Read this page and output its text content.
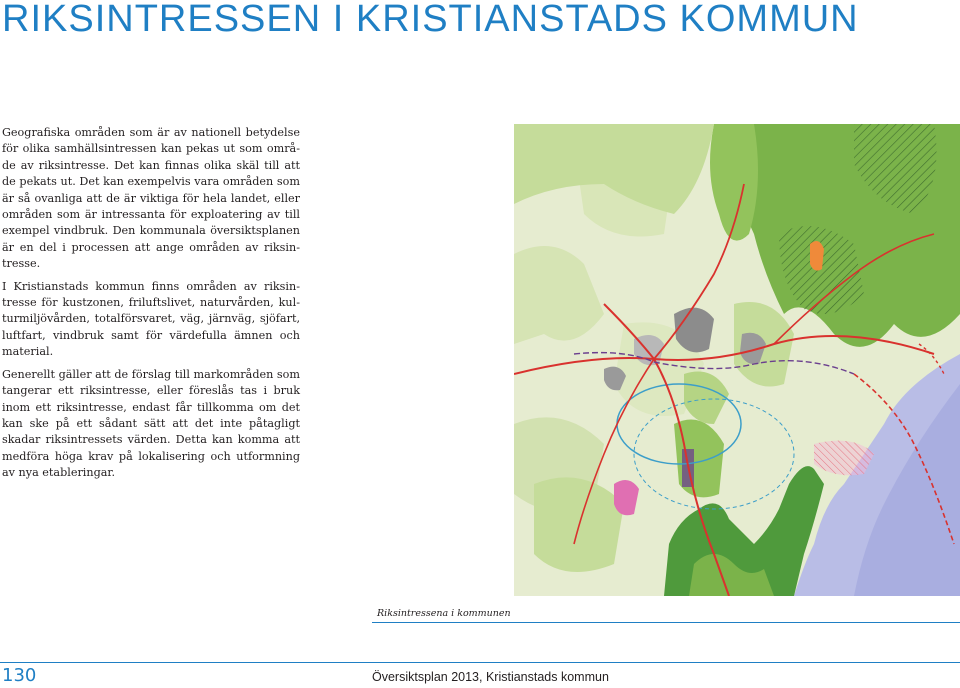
RIKSINTRESSEN I KRISTIANSTADS KOMMUN

Geografiska områden som är av nationell betydelse för olika samhällsintressen kan pekas ut som områ-de av riksintresse. Det kan finnas olika skäl till att de pekats ut. Det kan exempelvis vara områden som är så ovanliga att de är viktiga för hela landet, eller områden som är intressanta för exploatering av till exempel vindbruk. Den kommunala översiktsplanen är en del i processen att ange områden av riksin-tresse.

I Kristianstads kommun finns områden av riksin-tresse för kustzonen, friluftslivet, naturvården, kul-turmiljövården, totalförsvaret, väg, järnväg, sjöfart, luftfart, vindbruk samt för värdefulla ämnen och material.

Generellt gäller att de förslag till markområden som tangerar ett riksintresse, eller föreslås tas i bruk inom ett riksintresse, endast får tillkomma om det kan ske på ett sådant sätt att det inte påtagligt skadar riksintressets värden. Detta kan komma att medföra höga krav på lokalisering och utformning av nya etableringar.

Riksintressena i kommunen
130	Översiktsplan 2013, Kristianstads kommun
